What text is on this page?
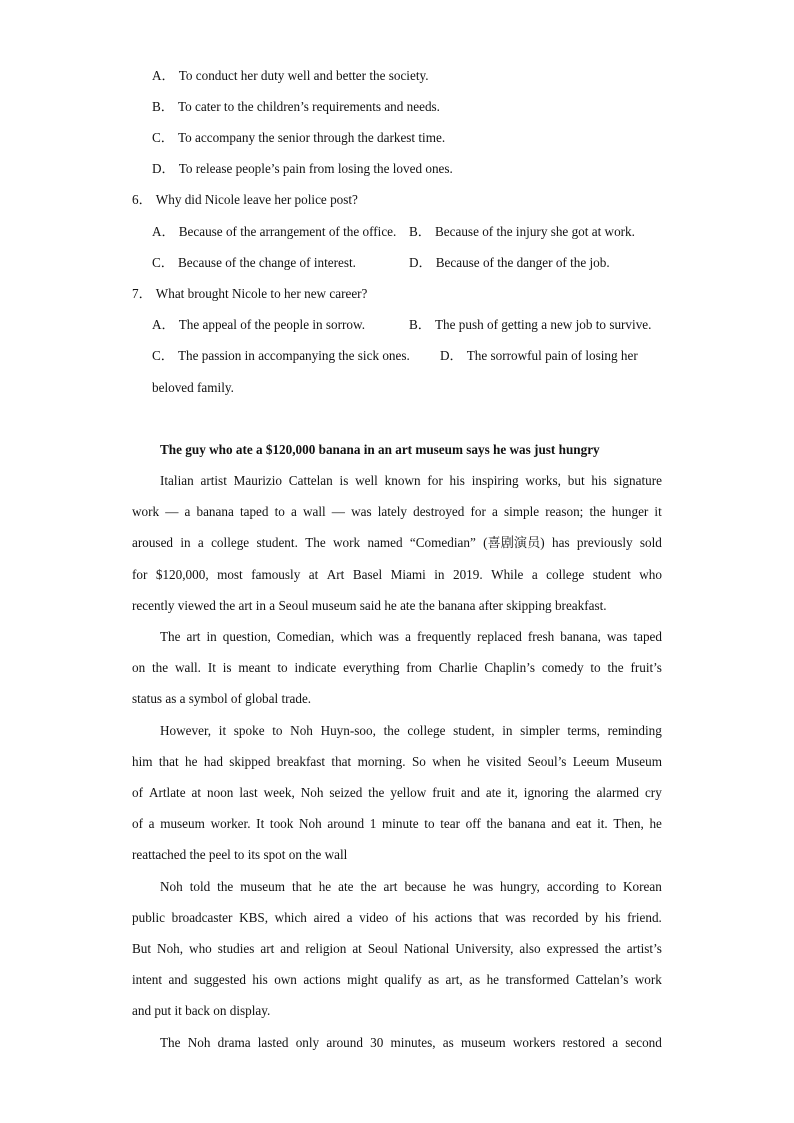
A． To conduct her duty well and better the society.
B． To cater to the children’s requirements and needs.
C． To accompany the senior through the darkest time.
D． To release people’s pain from losing the loved ones.
6． Why did Nicole leave her police post?
A． Because of the arrangement of the office. B． Because of the injury she got at work.
C． Because of the change of interest.	D． Because of the danger of the job.
7． What brought Nicole to her new career?
A． The appeal of the people in sorrow.	B． The push of getting a new job to survive.
C． The passion in accompanying the sick ones. D． The sorrowful pain of losing her
beloved family.
The guy who ate a $120,000 banana in an art museum says he was just hungry
Italian artist Maurizio Cattelan is well known for his inspiring works, but his signature
work — a banana taped to a wall — was lately destroyed for a simple reason; the hunger it
aroused in a college student. The work named “Comedian” (喜剧演员) has previously sold
for $120,000, most famously at Art Basel Miami in 2019. While a college student who
recently viewed the art in a Seoul museum said he ate the banana after skipping breakfast.
The art in question, Comedian, which was a frequently replaced fresh banana, was taped
on the wall. It is meant to indicate everything from Charlie Chaplin’s comedy to the fruit’s
status as a symbol of global trade.
However, it spoke to Noh Huyn-soo, the college student, in simpler terms, reminding
him that he had skipped breakfast that morning. So when he visited Seoul’s Leeum Museum
of Artlate at noon last week, Noh seized the yellow fruit and ate it, ignoring the alarmed cry
of a museum worker. It took Noh around 1 minute to tear off the banana and eat it. Then, he
reattached the peel to its spot on the wall
Noh told the museum that he ate the art because he was hungry, according to Korean
public broadcaster KBS, which aired a video of his actions that was recorded by his friend.
But Noh, who studies art and religion at Seoul National University, also expressed the artist’s
intent and suggested his own actions might qualify as art, as he transformed Cattelan’s work
and put it back on display.
The Noh drama lasted only around 30 minutes, as museum workers restored a second
